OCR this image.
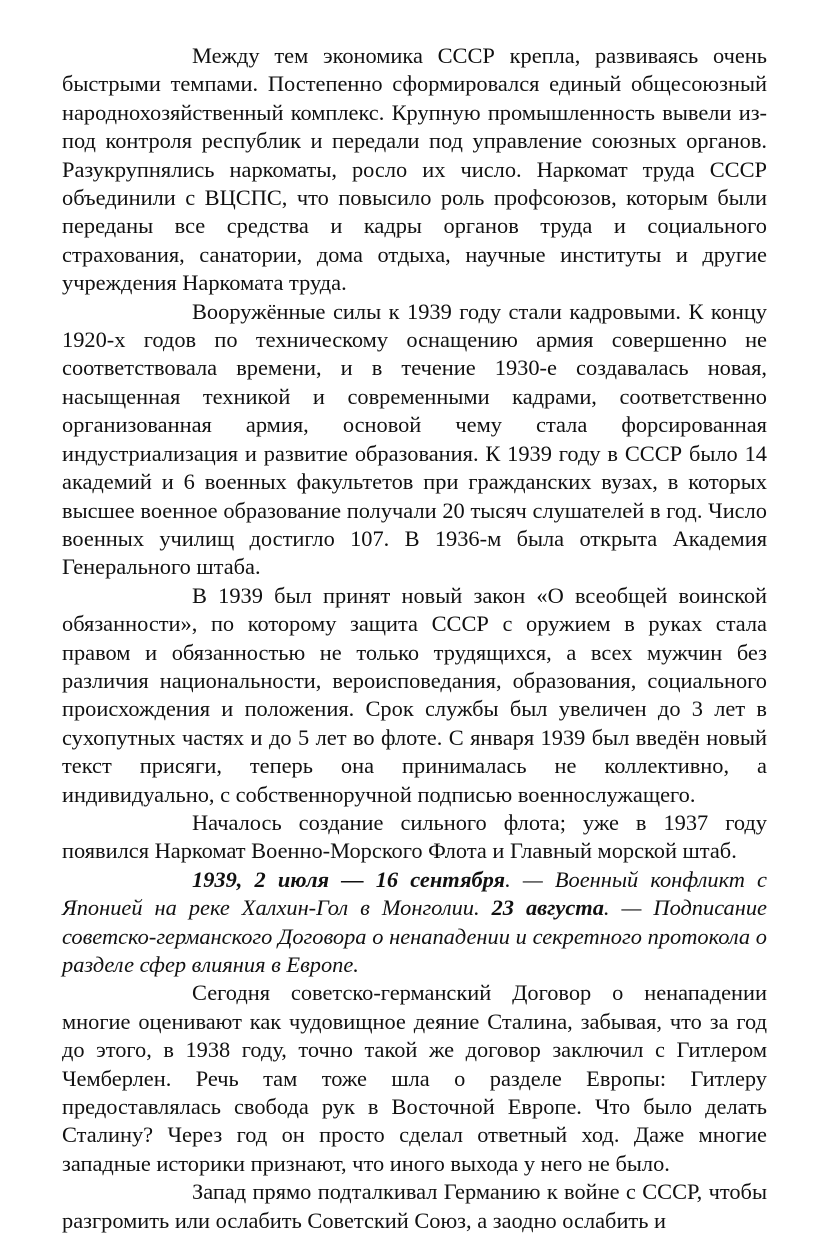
Между тем экономика СССР крепла, развиваясь очень быстрыми темпами. Постепенно сформировался единый общесоюзный народнохозяйственный комплекс. Крупную промышленность вывели из-под контроля республик и передали под управление союзных органов. Разукрупнялись наркоматы, росло их число. Наркомат труда СССР объединили с ВЦСПС, что повысило роль профсоюзов, которым были переданы все средства и кадры органов труда и социального страхования, санатории, дома отдыха, научные институты и другие учреждения Наркомата труда.

Вооружённые силы к 1939 году стали кадровыми. К концу 1920-х годов по техническому оснащению армия совершенно не соответствовала времени, и в течение 1930-е создавалась новая, насыщенная техникой и современными кадрами, соответственно организованная армия, основой чему стала форсированная индустриализация и развитие образования. К 1939 году в СССР было 14 академий и 6 военных факультетов при гражданских вузах, в которых высшее военное образование получали 20 тысяч слушателей в год. Число военных училищ достигло 107. В 1936-м была открыта Академия Генерального штаба.

В 1939 был принят новый закон «О всеобщей воинской обязанности», по которому защита СССР с оружием в руках стала правом и обязанностью не только трудящихся, а всех мужчин без различия национальности, вероисповедания, образования, социального происхождения и положения. Срок службы был увеличен до 3 лет в сухопутных частях и до 5 лет во флоте. С января 1939 был введён новый текст присяги, теперь она принималась не коллективно, а индивидуально, с собственноручной подписью военнослужащего.

Началось создание сильного флота; уже в 1937 году появился Наркомат Военно-Морского Флота и Главный морской штаб.

1939, 2 июля — 16 сентября. — Военный конфликт с Японией на реке Халхин-Гол в Монголии. 23 августа. — Подписание советско-германского Договора о ненападении и секретного протокола о разделе сфер влияния в Европе.

Сегодня советско-германский Договор о ненападении многие оценивают как чудовищное деяние Сталина, забывая, что за год до этого, в 1938 году, точно такой же договор заключил с Гитлером Чемберлен. Речь там тоже шла о разделе Европы: Гитлеру предоставлялась свобода рук в Восточной Европе. Что было делать Сталину? Через год он просто сделал ответный ход. Даже многие западные историки признают, что иного выхода у него не было.

Запад прямо подталкивал Германию к войне с СССР, чтобы разгромить или ослабить Советский Союз, а заодно ослабить и
